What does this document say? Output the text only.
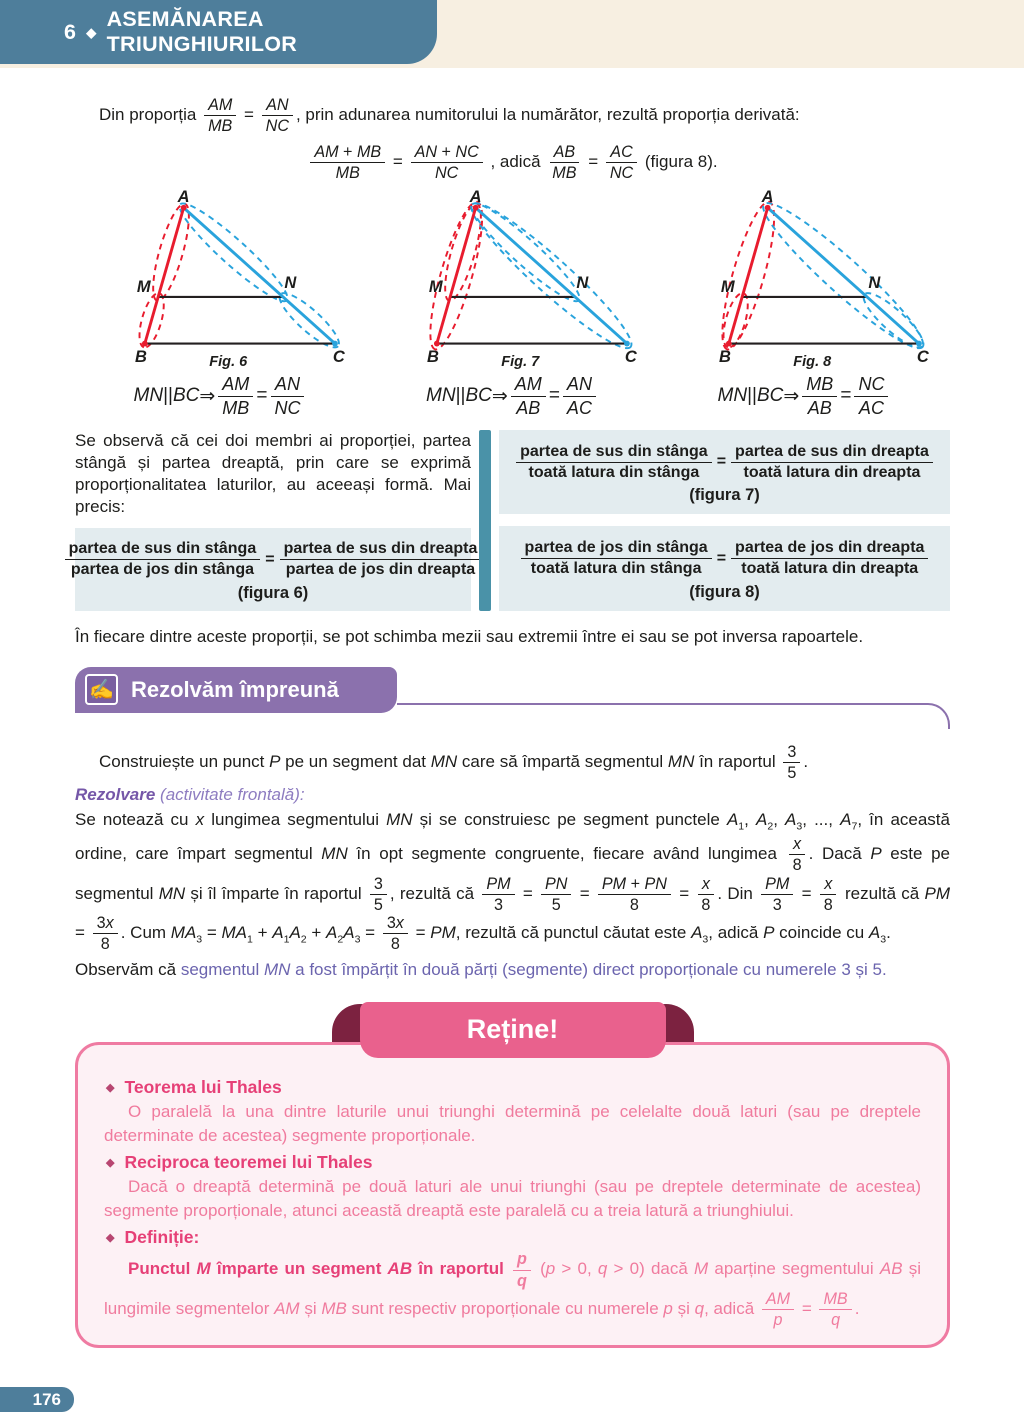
6 ◆
ASEMĂNAREA TRIUNGHIURILOR

Din proporția $\frac{AM}{MB} = \frac{AN}{NC}$ , prin adunarea numitorului la numărător, rezultă proporția derivată:

$\frac{AM + MB}{MB} = \frac{AN + NC}{NC}$ , adică $\frac{AB}{MB} = \frac{AC}{NC}$ (figura 8).

A
M	N
B	C
Fig. 6
MN || BC ⇒
AM
MB
=
AN
NC
A
M	N
B	C
Fig. 7
MN || BC ⇒
AM
AB
=
AN
AC
A
M	N
B	C
Fig. 8
MN || BC ⇒
MB
AB
=
NC
AC

Se observă că cei doi membri ai proporției, partea stângă și partea dreaptă, prin care se exprimă proporționalitatea laturilor, au aceeași formă. Mai precis:

partea de sus din stânga
partea de jos din stânga
=
partea de sus din dreapta
partea de jos din dreapta
(figura 6)
partea de sus din stânga
toată latura din stânga
=
partea de sus din dreapta
toată latura din dreapta
(figura 7)
partea de jos din stânga
toată latura din stânga
=
partea de jos din dreapta
toată latura din dreapta
(figura 8)

În fiecare dintre aceste proporții, se pot schimba mezii sau extremii între ei sau se pot inversa rapoartele.

✍ Rezolvăm împreună

Construiește un punct P pe un segment dat MN care să împartă segmentul MN în raportul $\frac{3}{5}$ .

Rezolvare (activitate frontală):

Se notează cu x lungimea segmentului MN și se construiesc pe segment punctele $A_1$, $A_2$, $A_3$, ..., $A_7$, în această ordine, care împart segmentul MN în opt segmente congruente, fiecare având lungimea $\frac{x}{8}$ . Dacă P este pe segmentul MN și îl împarte în raportul $\frac{3}{5}$ , rezultă că $\frac{PM}{3} = \frac{PN}{5} = \frac{PM + PN}{8} = \frac{x}{8}$ . Din $\frac{PM}{3} = \frac{x}{8}$ rezultă că PM = $\frac{3x}{8}$ . Cum $MA_3 = MA_1 + A_1A_2 + A_2A_3 = \frac{3x}{8}$ = PM, rezultă că punctul căutat este $A_3$, adică P coincide cu $A_3$.

Observăm că segmentul MN a fost împărțit în două părți (segmente) direct proporționale cu numerele 3 și 5.

Reține!

◆ Teorema lui Thales

O paralelă la una dintre laturile unui triunghi determină pe celelalte două laturi (sau pe dreptele determinate de acestea) segmente proporționale.

◆ Reciproca teoremei lui Thales

Dacă o dreaptă determină pe două laturi ale unui triunghi (sau pe dreptele determinate de acestea) segmente proporționale, atunci această dreaptă este paralelă cu a treia latură a triunghiului.

◆ Definiție:

Punctul M împarte un segment AB în raportul $\frac{p}{q} (p > 0$, q > 0) dacă M aparține segmentului AB și lungimile segmentelor AM și MB sunt respectiv proporționale cu numerele p și q, adică $\frac{AM}{p} = \frac{MB}{q}$ .

176
